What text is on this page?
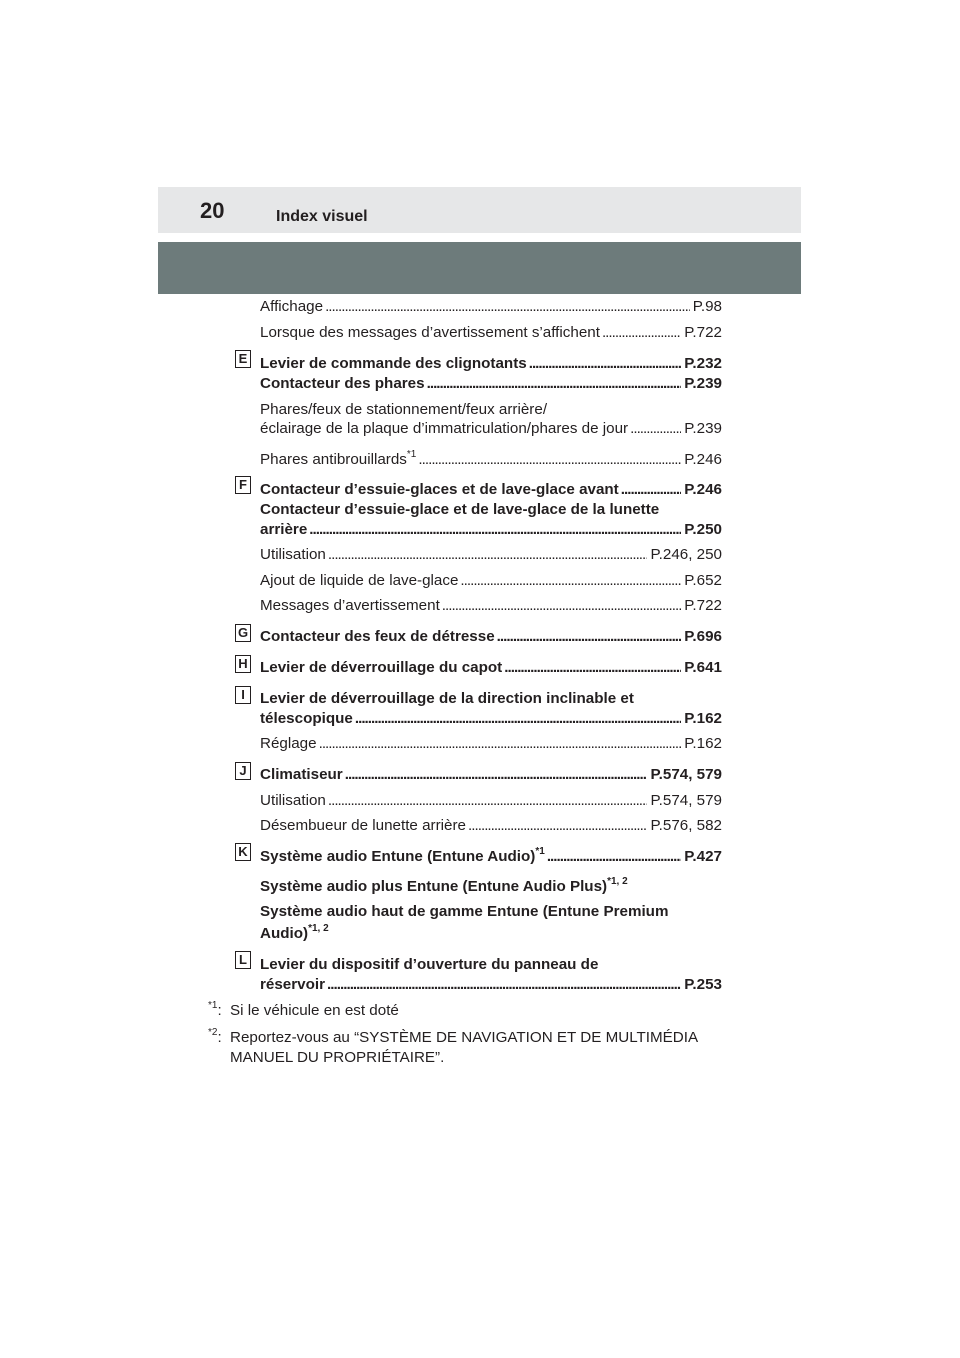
20	Index visuel
Affichage . . .	P.98
Lorsque des messages d’avertissement s’affichent . . .	P.722
E Levier de commande des clignotants . . .	P.232
Contacteur des phares . . .	P.239
Phares/feux de stationnement/feux arrière/
éclairage de la plaque d’immatriculation/phares de jour . . .	P.239
Phares antibrouillards$^{*1}$ . . .	P.246
F Contacteur d’essuie-glaces et de lave-glace avant . . .	P.246
Contacteur d’essuie-glace et de lave-glace de la lunette
arrière . . .	P.250
Utilisation . . .	P.246, 250
Ajout de liquide de lave-glace . . .	P.652
Messages d’avertissement . . .	P.722
G Contacteur des feux de détresse . . .	P.696
H Levier de déverrouillage du capot . . .	P.641
I Levier de déverrouillage de la direction inclinable et
télescopique . . .	P.162
Réglage . . .	P.162
J Climatiseur . . .	P.574, 579
Utilisation . . .	P.574, 579
Désembueur de lunette arrière . . .	P.576, 582
K Système audio Entune (Entune Audio)$^{*1}$ . . .	P.427
Système audio plus Entune (Entune Audio Plus)$^{*1, 2}$
Système audio haut de gamme Entune (Entune Premium
Audio)$^{*1, 2}$
L Levier du dispositif d’ouverture du panneau de
réservoir . . .	P.253
$^{*1}$: Si le véhicule en est doté
$^{*2}$: Reportez-vous au “SYSTÈME DE NAVIGATION ET DE MULTIMÉDIA
MANUEL DU PROPRIÉTAIRE”.
